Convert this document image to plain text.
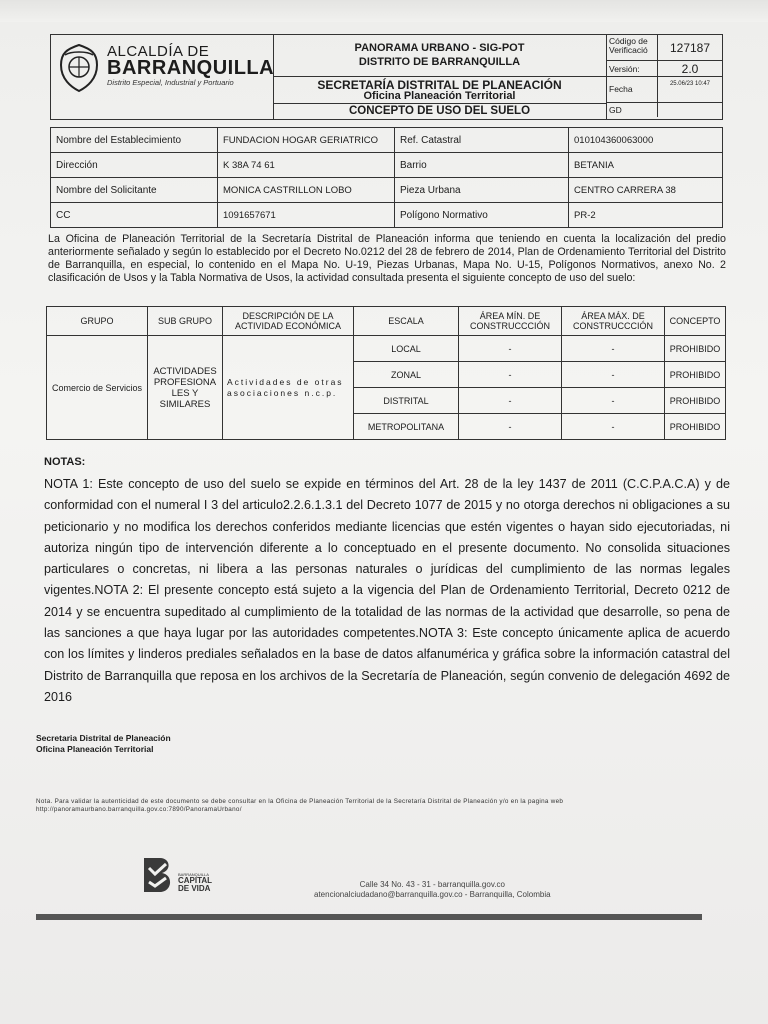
ALCALDÍA DE
BARRANQUILLA
Distrito Especial, Industrial y Portuario
PANORAMA URBANO - SIG-POT
DISTRITO DE BARRANQUILLA
SECRETARÍA DISTRITAL DE PLANEACIÓN
Oficina Planeación Territorial
CONCEPTO DE USO DEL SUELO
Código de Verificació	127187
Versión:	2.0
Fecha	25.06/23 10:47
GD
Nombre del Establecimiento	FUNDACION HOGAR GERIATRICO	Ref. Catastral	010104360063000
Dirección	K 38A 74 61	Barrio	BETANIA
Nombre del Solicitante	MONICA CASTRILLON LOBO	Pieza Urbana	CENTRO CARRERA 38
CC	1091657671	Polígono Normativo	PR-2
La Oficina de Planeación Territorial de la Secretaría Distrital de Planeación informa que teniendo en cuenta la localización del predio anteriormente señalado y según lo establecido por el Decreto No.0212 del 28 de febrero de 2014, Plan de Ordenamiento Territorial del Distrito de Barranquilla, en especial, lo contenido en el Mapa No. U-19, Piezas Urbanas, Mapa No. U-15, Polígonos Normativos, anexo No. 2 clasificación de Usos y la Tabla Normativa de Usos, la actividad consultada presenta el siguiente concepto de uso del suelo:
GRUPO	SUB GRUPO	DESCRIPCIÓN DE LA ACTIVIDAD ECONÓMICA	ESCALA	ÁREA MÍN. DE CONSTRUCCCIÓN	ÁREA MÁX. DE CONSTRUCCCIÓN	CONCEPTO
Comercio de Servicios	ACTIVIDADES PROFESIONA LES Y SIMILARES	Actividades de otras asociaciones n.c.p.	LOCAL	-	-	PROHIBIDO
			ZONAL	-	-	PROHIBIDO
			DISTRITAL	-	-	PROHIBIDO
			METROPOLITANA	-	-	PROHIBIDO
NOTAS:
NOTA 1: Este concepto de uso del suelo se expide en términos del Art. 28 de la ley 1437 de 2011 (C.C.P.A.C.A) y de conformidad con el numeral I 3 del articulo2.2.6.1.3.1 del Decreto 1077 de 2015 y no otorga derechos ni obligaciones a su peticionario y no modifica los derechos conferidos mediante licencias que estén vigentes o hayan sido ejecutoriadas, ni autoriza ningún tipo de intervención diferente a lo conceptuado en el presente documento. No consolida situaciones particulares o concretas, ni libera a las personas naturales o jurídicas del cumplimiento de las normas legales vigentes.NOTA 2: El presente concepto está sujeto a la vigencia del Plan de Ordenamiento Territorial, Decreto 0212 de 2014 y se encuentra supeditado al cumplimiento de la totalidad de las normas de la actividad que desarrolle, so pena de las sanciones a que haya lugar por las autoridades competentes.NOTA 3: Este concepto únicamente aplica de acuerdo con los límites y linderos prediales señalados en la base de datos alfanumérica y gráfica sobre la información catastral del Distrito de Barranquilla que reposa en los archivos de la Secretaría de Planeación, según convenio de delegación 4692 de 2016
Secretaria Distrital de Planeación
Oficina Planeación Territorial
Nota. Para validar la autenticidad de este documento se debe consultar en la Oficina de Planeación Territorial de la Secretaría Distrital de Planeación y/o en la pagina web http://panoramaurbano.barranquilla.gov.co:7890/PanoramaUrbano/
BARRANQUILLA
CAPITAL
DE VIDA	Calle 34 No. 43 - 31 - barranquilla.gov.co
atencionalciudadano@barranquilla.gov.co - Barranquilla, Colombia
